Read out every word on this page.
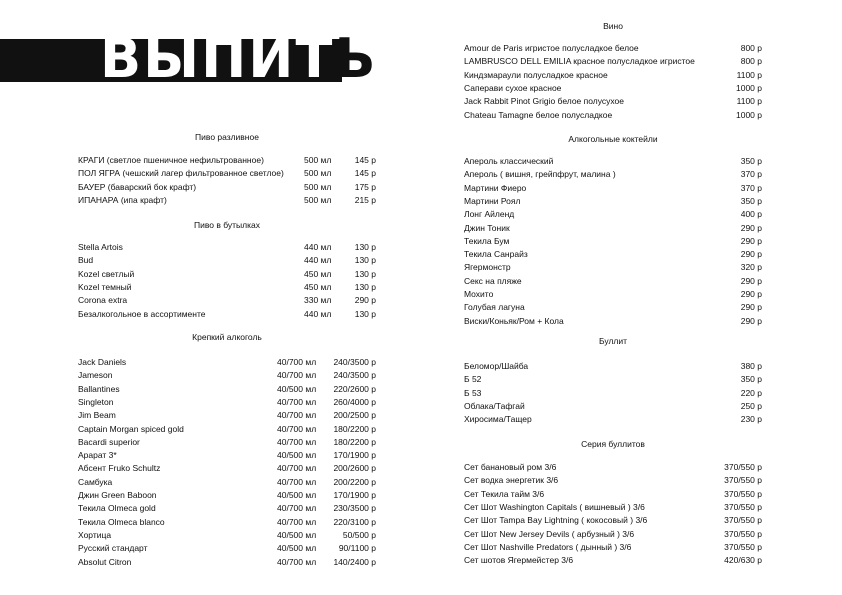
ВЫПИТЬ
Пиво разливное
КРАГИ (светлое пшеничное нефильтрованное)	500 мл	145 р
ПОЛ ЯГРА (чешский лагер фильтрованное светлое) 500 мл	145 р
БАУЕР (баварский бок крафт)	500 мл	175 р
ИПАНАРА (ипа крафт)	500 мл	215 р
Пиво в бутылках
Stella Artois	440 мл	130 р
Bud	440 мл	130 р
Kozel светлый	450 мл	130 р
Kozel темный	450 мл	130 р
Corona extra	330 мл	290 р
Безалкогольное в ассортименте	440 мл	130 р
Крепкий алкоголь
Jack Daniels	40/700 мл 240/3500 р
Jameson	40/700 мл 240/3500 р
Ballantines	40/500 мл 220/2600 р
Singleton	40/700 мл 260/4000 р
Jim Beam	40/700 мл 200/2500 р
Captain Morgan spiced gold	40/700 мл 180/2200 р
Bacardi superior	40/700 мл 180/2200 р
Арарат 3*	40/500 мл 170/1900 р
Абсент Fruko Schultz	40/700 мл 200/2600 р
Самбука	40/700 мл 200/2200 р
Джин Green Baboon	40/500 мл 170/1900 р
Текила Olmeca gold	40/700 мл 230/3500 р
Текила Olmeca blanco	40/700 мл 220/3100 р
Хортица	40/500 мл	50/500 р
Русский стандарт	40/500 мл	90/1100 р
Absolut Citron	40/700 мл 140/2400 р
Вино
Amour de Paris игристое полусладкое белое	800 р
LAMBRUSCO DELL EMILIA красное полусладкое игристое	800 р
Киндзмараули полусладкое красное	1100 р
Саперави сухое красное	1000 р
Jack Rabbit Pinot Grigio белое полусухое	1100 р
Chateau Tamagne белое полусладкое	1000 р
Алкогольные коктейли
Апероль классический	350 р
Апероль ( вишня, грейпфрут, малина )	370 р
Мартини Фиеро	370 р
Мартини Роял	350 р
Лонг Айленд	400 р
Джин Тоник	290 р
Текила Бум	290 р
Текила Санрайз	290 р
Ягермонстр	320 р
Секс на пляже	290 р
Мохито	290 р
Голубая лагуна	290 р
Виски/Коньяк/Ром + Кола	290 р
Буллит
Беломор/Шайба	380 р
Б 52	350 р
Б 53	220 р
Облака/Тафгай	250 р
Хиросима/Тащер	230 р
Серия буллитов
Сет банановый ром 3/6	370/550 р
Сет водка энергетик 3/6	370/550 р
Сет Текила тайм 3/6	370/550 р
Сет Шот Washington Capitals ( вишневый ) 3/6	370/550 р
Сет Шот Tampa Bay Lightning ( кокосовый ) 3/6	370/550 р
Сет Шот New Jersey Devils ( арбузный ) 3/6	370/550 р
Сет Шот Nashville Predators ( дынный ) 3/6	370/550 р
Сет шотов Ягермейстер 3/6	420/630 р
